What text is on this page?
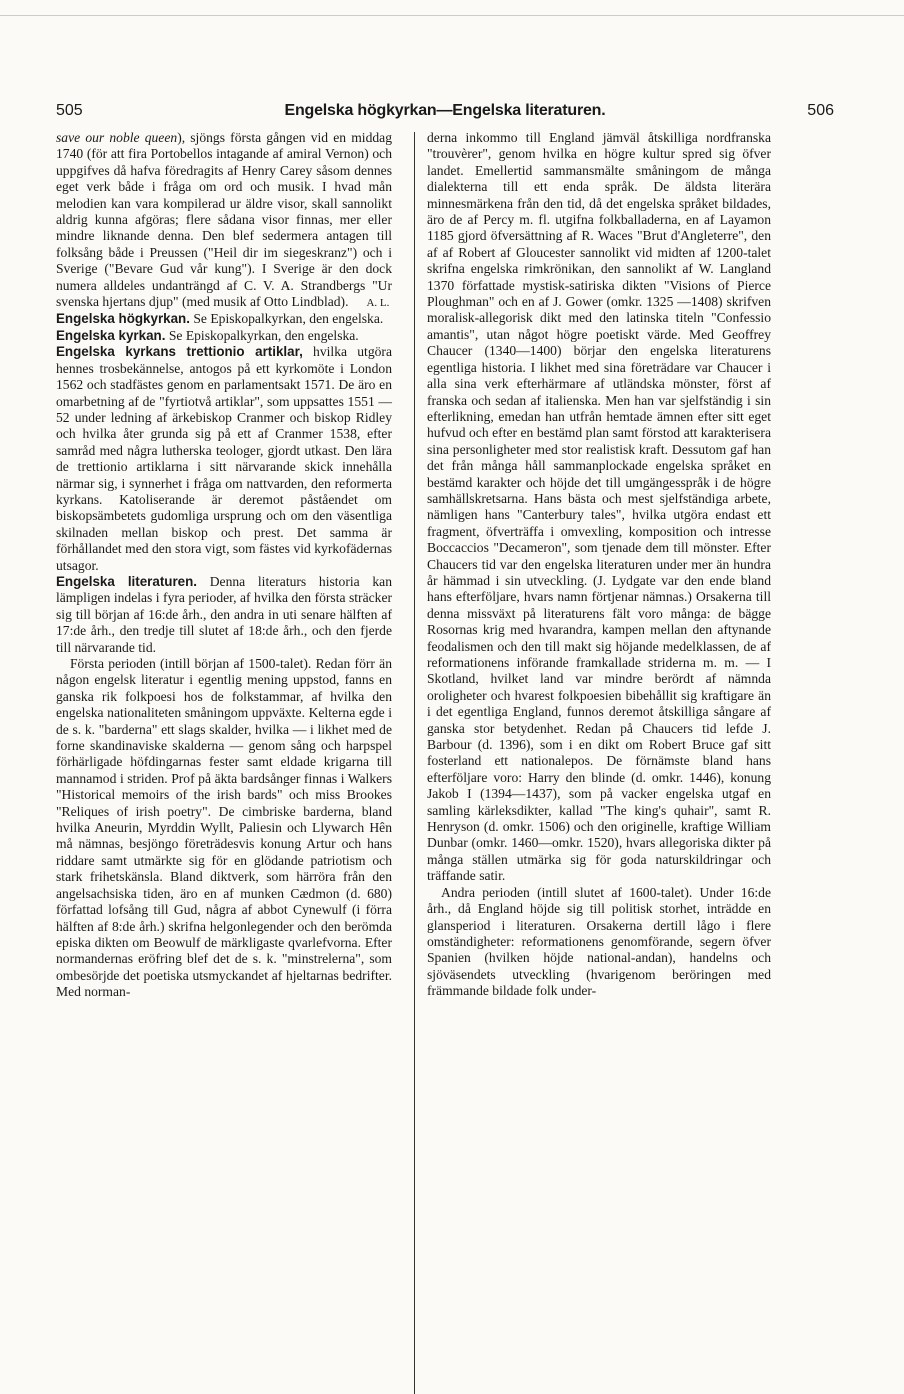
505	Engelska högkyrkan—Engelska literaturen.	506

save our noble queen), sjöngs första gången vid en middag 1740 (för att fira Portobellos intagande af amiral Vernon) och uppgifves då hafva föredragits af Henry Carey såsom dennes eget verk både i fråga om ord och musik. I hvad mån melodien kan vara kompilerad ur äldre visor, skall sannolikt aldrig kunna afgöras; flere sådana visor finnas, mer eller mindre liknande denna. Den blef sedermera antagen till folksång både i Preussen ("Heil dir im siegeskranz") och i Sverige ("Bevare Gud vår kung"). I Sverige är den dock numera alldeles undanträngd af C. V. A. Strandbergs "Ur svenska hjertans djup" (med musik af Otto Lindblad). A. L.

Engelska högkyrkan. Se Episkopalkyrkan, den engelska.

Engelska kyrkan. Se Episkopalkyrkan, den engelska.

Engelska kyrkans trettionio artiklar, hvilka utgöra hennes trosbekännelse, antogos på ett kyrkomöte i London 1562 och stadfästes genom en parlamentsakt 1571. De äro en omarbetning af de "fyrtiotvå artiklar", som uppsattes 1551 —52 under ledning af ärkebiskop Cranmer och biskop Ridley och hvilka åter grunda sig på ett af Cranmer 1538, efter samråd med några lutherska teologer, gjordt utkast. Den lära de trettionio artiklarna i sitt närvarande skick innehålla närmar sig, i synnerhet i fråga om nattvarden, den reformerta kyrkans. Katoliserande är deremot påståendet om biskopsämbetets gudomliga ursprung och om den väsentliga skilnaden mellan biskop och prest. Det samma är förhållandet med den stora vigt, som fästes vid kyrkofädernas utsagor.

Engelska literaturen. Denna literaturs historia kan lämpligen indelas i fyra perioder, af hvilka den första sträcker sig till början af 16:de årh., den andra in uti senare hälften af 17:de årh., den tredje till slutet af 18:de årh., och den fjerde till närvarande tid.

Första perioden (intill början af 1500-talet). Redan förr än någon engelsk literatur i egentlig mening uppstod, fanns en ganska rik folkpoesi hos de folkstammar, af hvilka den engelska nationaliteten småningom uppväxte. Kelterna egde i de s. k. "barderna" ett slags skalder, hvilka — i likhet med de forne skandinaviske skalderna — genom sång och harpspel förhärligade höfdingarnas fester samt eldade krigarna till mannamod i striden. Prof på äkta bardsånger finnas i Walkers "Historical memoirs of the irish bards" och miss Brookes "Reliques of irish poetry". De cimbriske barderna, bland hvilka Aneurin, Myrddin Wyllt, Paliesin och Llywarch Hên må nämnas, besjöngo företrädesvis konung Artur och hans riddare samt utmärkte sig för en glödande patriotism och stark frihetskänsla. Bland diktverk, som härröra från den angelsachsiska tiden, äro en af munken Cædmon (d. 680) författad lofsång till Gud, några af abbot Cynewulf (i förra hälften af 8:de årh.) skrifna helgonlegender och den berömda episka dikten om Beowulf de märkligaste qvarlefvorna. Efter normandernas eröfring blef det de s. k. "minstrelerna", som ombesörjde det poetiska utsmyckandet af hjeltarnas bedrifter. Med norman-

derna inkommo till England jämväl åtskilliga nordfranska "trouvèrer", genom hvilka en högre kultur spred sig öfver landet. Emellertid sammansmälte småningom de många dialekterna till ett enda språk. De äldsta literära minnesmärkena från den tid, då det engelska språket bildades, äro de af Percy m. fl. utgifna folkballaderna, en af Layamon 1185 gjord öfversättning af R. Waces "Brut d'Angleterre", den af af Robert af Gloucester sannolikt vid midten af 1200-talet skrifna engelska rimkrönikan, den sannolikt af W. Langland 1370 författade mystisk-satiriska dikten "Visions of Pierce Ploughman" och en af J. Gower (omkr. 1325 —1408) skrifven moralisk-allegorisk dikt med den latinska titeln "Confessio amantis", utan något högre poetiskt värde. Med Geoffrey Chaucer (1340—1400) börjar den engelska literaturens egentliga historia. I likhet med sina företrädare var Chaucer i alla sina verk efterhärmare af utländska mönster, först af franska och sedan af italienska. Men han var sjelfständig i sin efterlikning, emedan han utfrån hemtade ämnen efter sitt eget hufvud och efter en bestämd plan samt förstod att karakterisera sina personligheter med stor realistisk kraft. Dessutom gaf han det från många håll sammanplockade engelska språket en bestämd karakter och höjde det till umgängesspråk i de högre samhällskretsarna. Hans bästa och mest sjelfständiga arbete, nämligen hans "Canterbury tales", hvilka utgöra endast ett fragment, öfverträffa i omvexling, komposition och intresse Boccaccios "Decameron", som tjenade dem till mönster. Efter Chaucers tid var den engelska literaturen under mer än hundra år hämmad i sin utveckling. (J. Lydgate var den ende bland hans efterföljare, hvars namn förtjenar nämnas.) Orsakerna till denna missväxt på literaturens fält voro många: de bägge Rosornas krig med hvarandra, kampen mellan den aftynande feodalismen och den till makt sig höjande medelklassen, de af reformationens införande framkallade striderna m. m. — I Skotland, hvilket land var mindre berördt af nämnda oroligheter och hvarest folkpoesien bibehållit sig kraftigare än i det egentliga England, funnos deremot åtskilliga sångare af ganska stor betydenhet. Redan på Chaucers tid lefde J. Barbour (d. 1396), som i en dikt om Robert Bruce gaf sitt fosterland ett nationalepos. De förnämste bland hans efterföljare voro: Harry den blinde (d. omkr. 1446), konung Jakob I (1394—1437), som på vacker engelska utgaf en samling kärleksdikter, kallad "The king's quhair", samt R. Henryson (d. omkr. 1506) och den originelle, kraftige William Dunbar (omkr. 1460—omkr. 1520), hvars allegoriska dikter på många ställen utmärka sig för goda naturskildringar och träffande satir.

Andra perioden (intill slutet af 1600-talet). Under 16:de årh., då England höjde sig till politisk storhet, inträdde en glansperiod i literaturen. Orsakerna dertill lågo i flere omständigheter: reformationens genomförande, segern öfver Spanien (hvilken höjde national-andan), handelns och sjöväsendets utveckling (hvarigenom beröringen med främmande bildade folk under-
